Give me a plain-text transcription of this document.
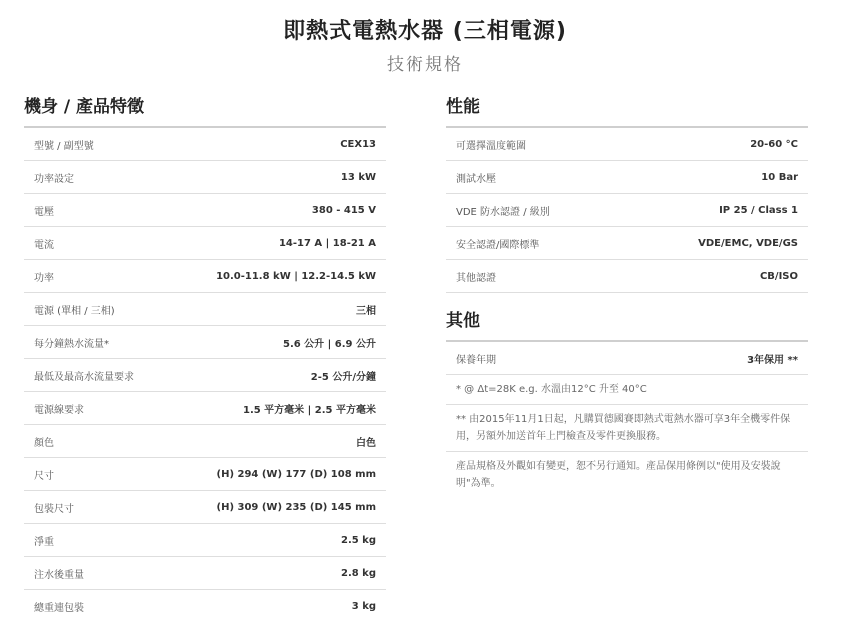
即熱式電熱水器 (三相電源)
技術規格
機身 / 產品特徵
型號 / 副型號	CEX13
功率設定	13 kW
電壓	380 - 415 V
電流	14-17 A | 18-21 A
功率	10.0-11.8 kW | 12.2-14.5 kW
電源 (單相 / 三相)	三相
每分鐘熱水流量*	5.6 公升 | 6.9 公升
最低及最高水流量要求	2-5 公升/分鐘
電源線要求	1.5 平方毫米 | 2.5 平方毫米
顏色	白色
尺寸	(H) 294 (W) 177 (D) 108 mm
包裝尺寸	(H) 309 (W) 235 (D) 145 mm
淨重	2.5 kg
注水後重量	2.8 kg
總重連包裝	3 kg
性能
可選擇溫度範圍	20-60 °C
測試水壓	10 Bar
VDE 防水認證 / 級別	IP 25 / Class 1
安全認證/國際標準	VDE/EMC, VDE/GS
其他認證	CB/ISO
其他
保養年期	3年保用 **
* @ Δt=28K e.g. 水溫由12°C 升至 40°C
** 由2015年11月1日起，凡購買德國賽即熱式電熱水器可享3年全機零件保用，另額外加送首年上門檢查及零件更換服務。
產品規格及外觀如有變更，恕不另行通知。產品保用條例以"使用及安裝說明"為準。
